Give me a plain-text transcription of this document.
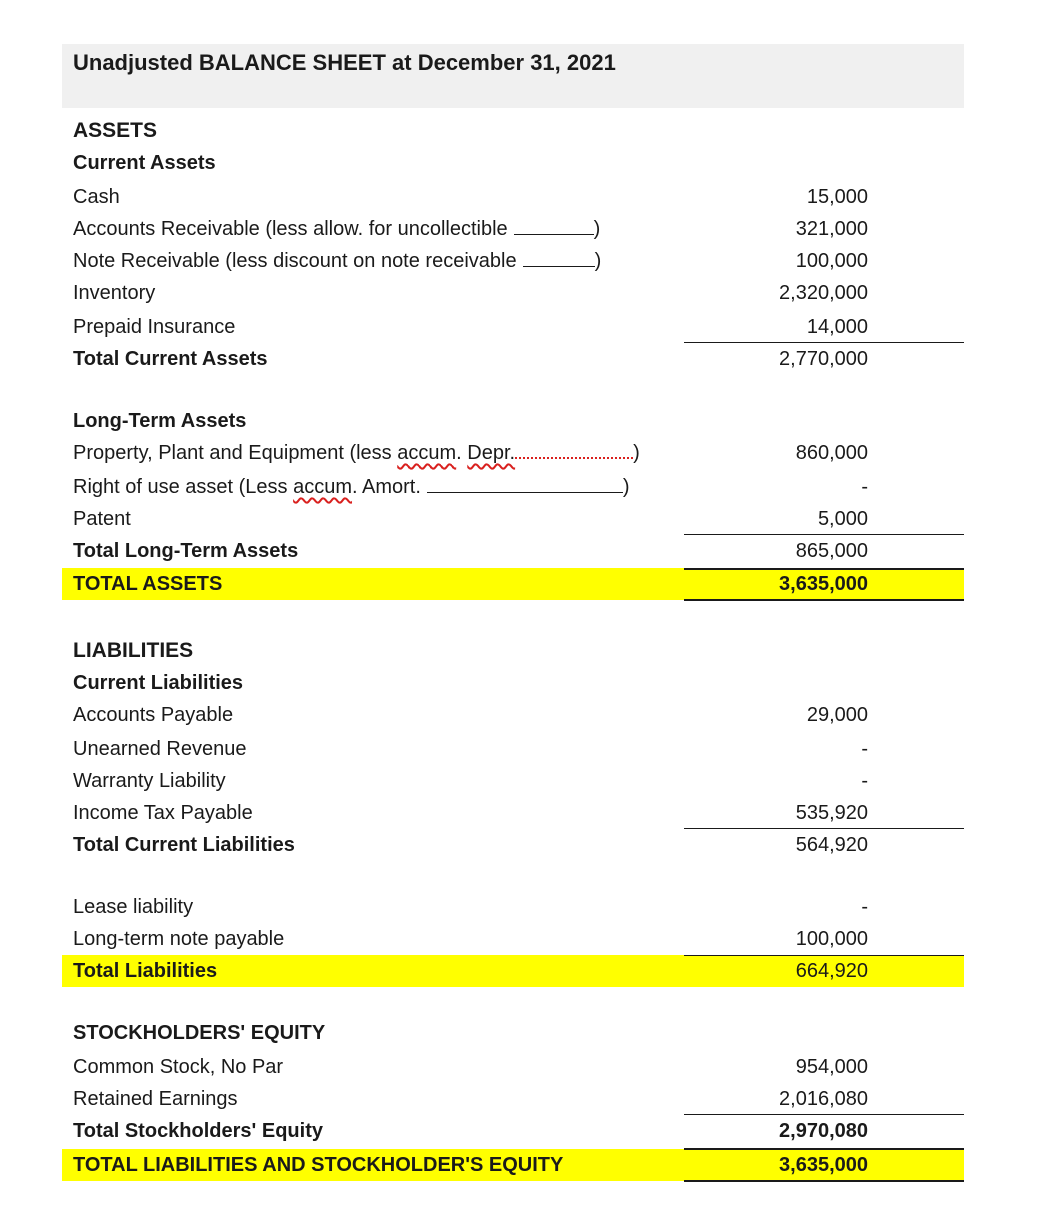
Unadjusted BALANCE SHEET at December 31, 2021
ASSETS
Current Assets
Cash	15,000
Accounts Receivable (less allow. for uncollectible	)	321,000
Note Receivable (less discount on note receivable	)	100,000
Inventory	2,320,000
Prepaid Insurance	14,000
Total Current Assets	2,770,000
Long-Term Assets
Property, Plant and Equipment (less accum. Depr.	)	860,000
Right of use asset (Less accum. Amort.	)	-
Patent	5,000
Total Long-Term Assets	865,000
TOTAL ASSETS	3,635,000
LIABILITIES
Current Liabilities
Accounts Payable	29,000
Unearned Revenue	-
Warranty Liability	-
Income Tax Payable	535,920
Total Current Liabilities	564,920
Lease liability	-
Long-term note payable	100,000
Total Liabilities	664,920
STOCKHOLDERS' EQUITY
Common Stock, No Par	954,000
Retained Earnings	2,016,080
Total Stockholders' Equity	2,970,080
TOTAL LIABILITIES AND STOCKHOLDER'S EQUITY	3,635,000
